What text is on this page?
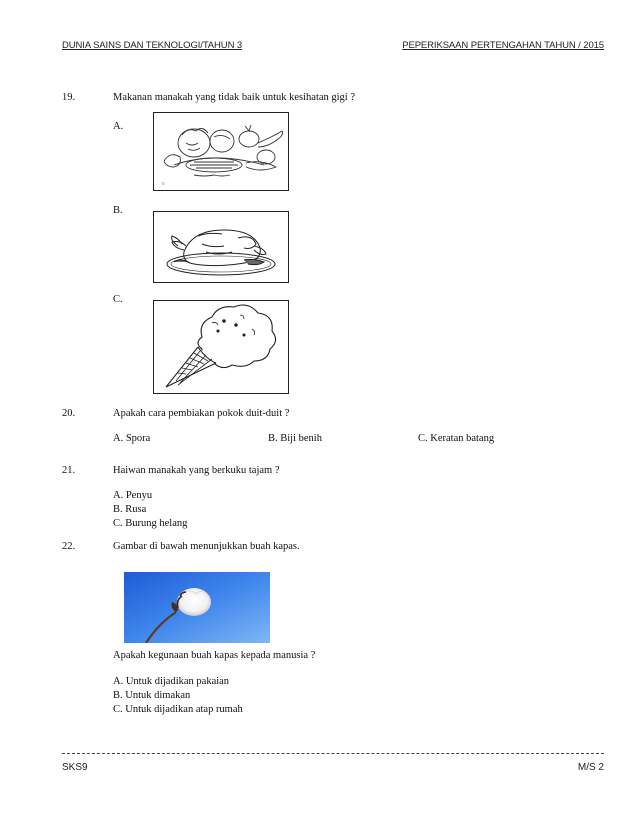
DUNIA SAINS DAN TEKNOLOGI/TAHUN 3	PEPERIKSAAN PERTENGAHAN TAHUN / 2015
19.	Makanan manakah yang tidak baik untuk kesihatan gigi ?
A.
©
B.
C.
20.	Apakah cara pembiakan pokok duit-duit ?
A. Spora	B. Biji benih	C. Keratan batang
21.	Haiwan manakah yang berkuku tajam ?
A. Penyu
B. Rusa
C. Burung helang
22.	Gambar di bawah menunjukkan buah kapas.
Apakah kegunaan buah kapas kepada manusia ?
A. Untuk dijadikan pakaian
B. Untuk dimakan
C. Untuk dijadikan atap rumah
SKS9	M/S 2
